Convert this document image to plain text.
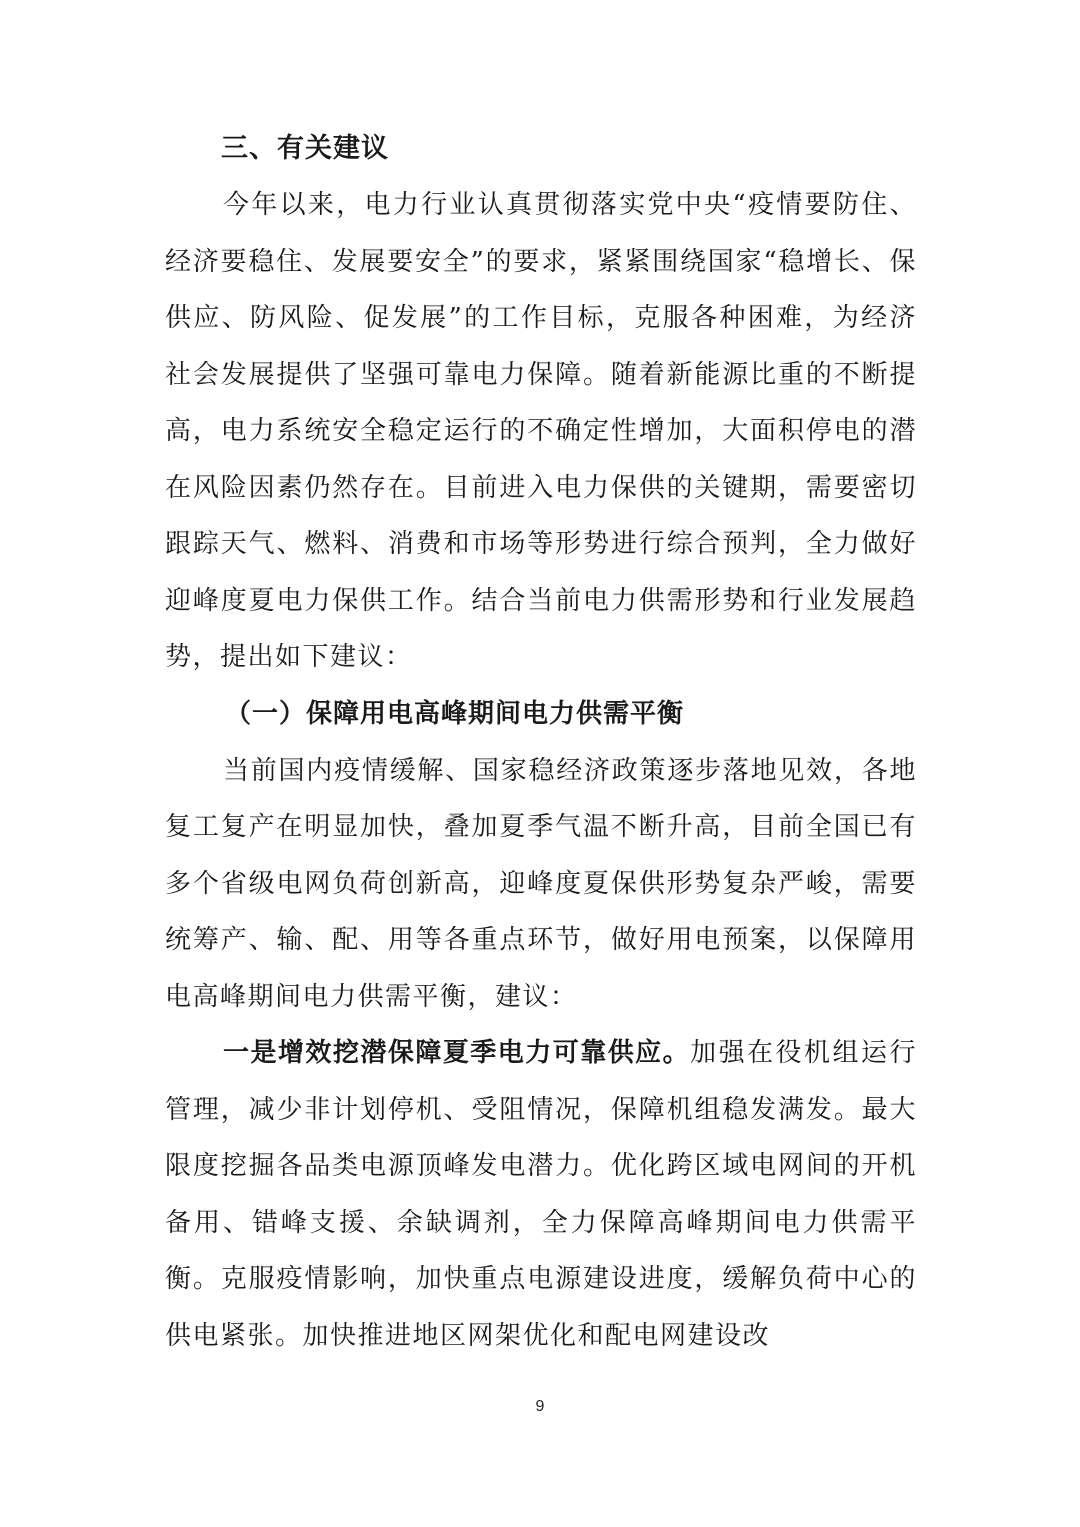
三、有关建议

今年以来，电力行业认真贯彻落实党中央“疫情要防住、经济要稳住、发展要安全”的要求，紧紧围绕国家“稳增长、保供应、防风险、促发展”的工作目标，克服各种困难，为经济社会发展提供了坚强可靠电力保障。随着新能源比重的不断提高，电力系统安全稳定运行的不确定性增加，大面积停电的潜在风险因素仍然存在。目前进入电力保供的关键期，需要密切跟踪天气、燃料、消费和市场等形势进行综合预判，全力做好迎峰度夏电力保供工作。结合当前电力供需形势和行业发展趋势，提出如下建议：

（一）保障用电高峰期间电力供需平衡

当前国内疫情缓解、国家稳经济政策逐步落地见效，各地复工复产在明显加快，叠加夏季气温不断升高，目前全国已有多个省级电网负荷创新高，迎峰度夏保供形势复杂严峻，需要统筹产、输、配、用等各重点环节，做好用电预案，以保障用电高峰期间电力供需平衡，建议：

一是增效挖潜保障夏季电力可靠供应。加强在役机组运行管理，减少非计划停机、受阻情况，保障机组稳发满发。最大限度挖掘各品类电源顶峰发电潜力。优化跨区域电网间的开机备用、错峰支援、余缺调剂，全力保障高峰期间电力供需平衡。克服疫情影响，加快重点电源建设进度，缓解负荷中心的供电紧张。加快推进地区网架优化和配电网建设改

9
